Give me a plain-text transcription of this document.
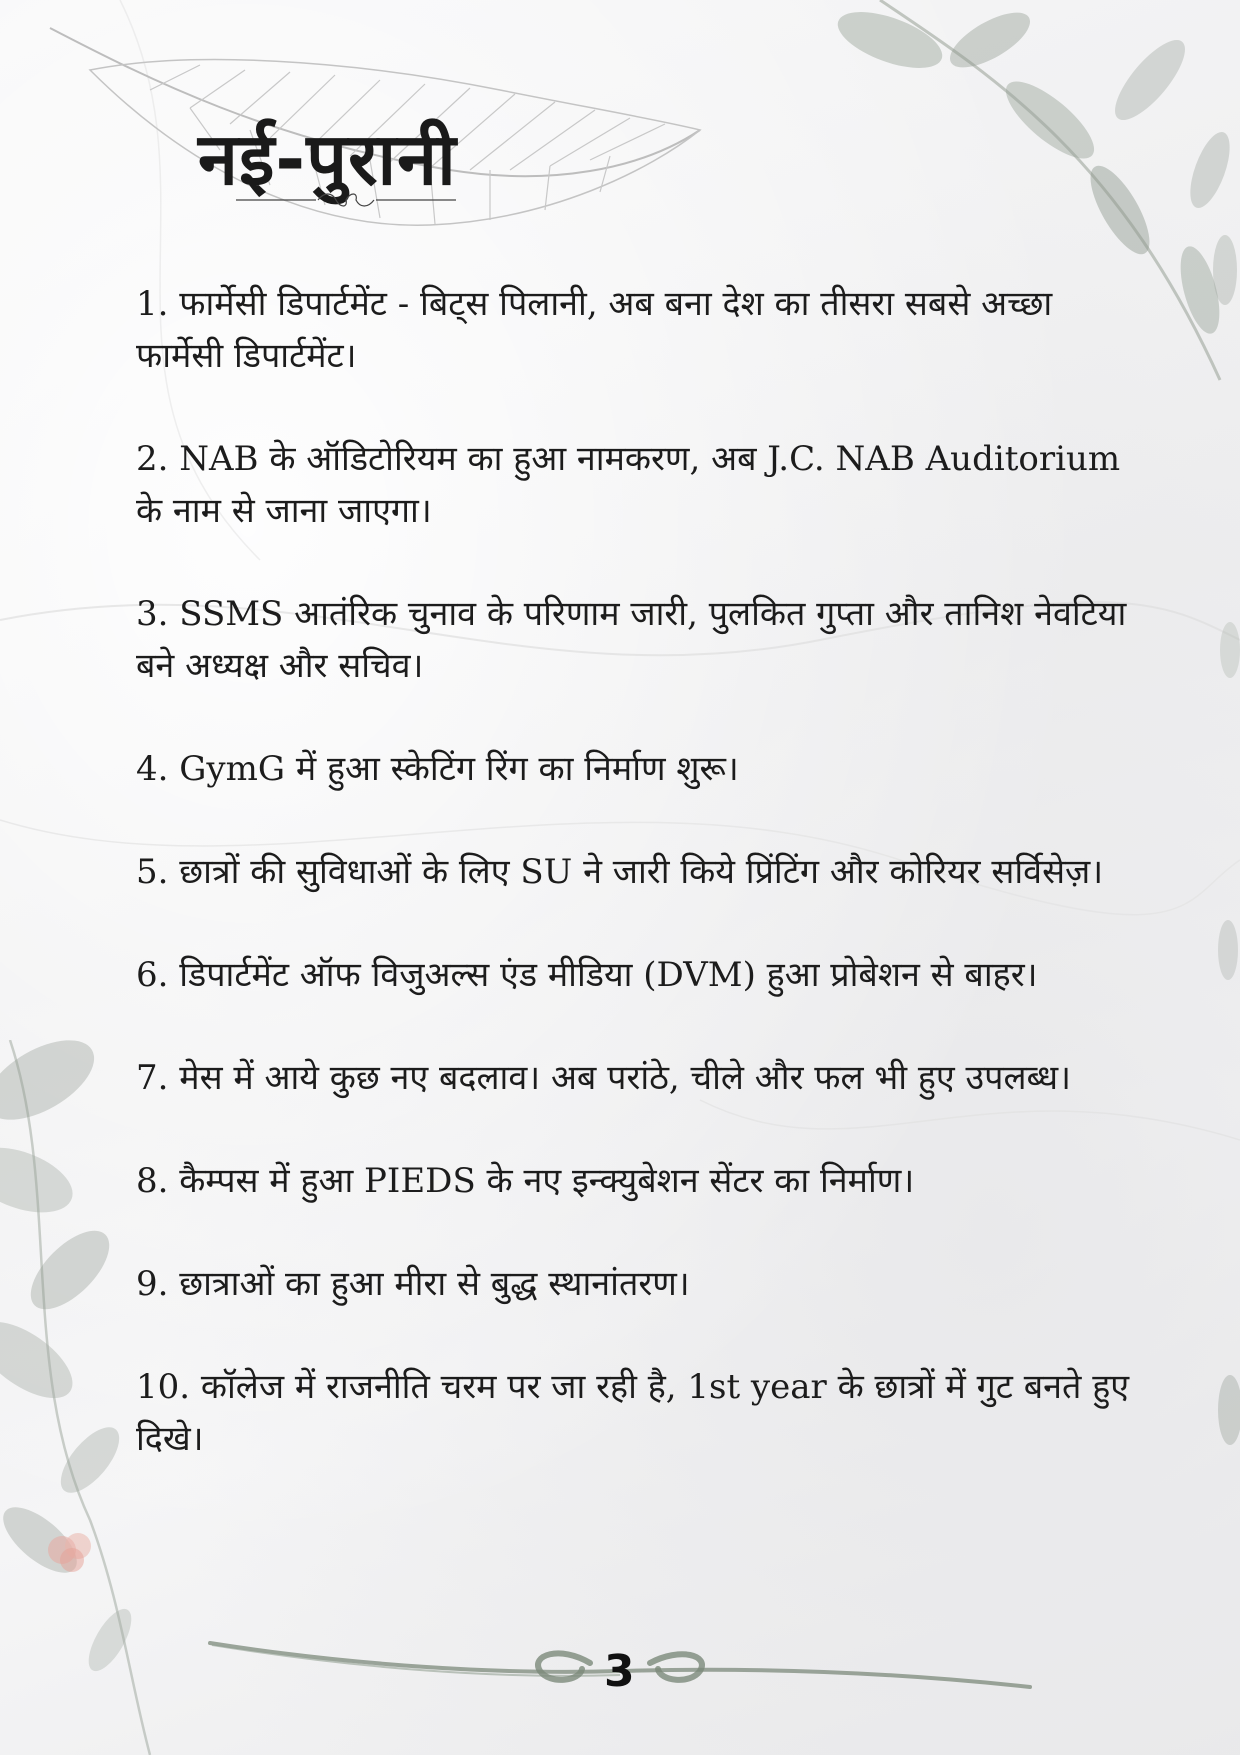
नई-पुरानी
1. फार्मेसी डिपार्टमेंट - बिट्स पिलानी, अब बना देश का तीसरा सबसे अच्छा फार्मेसी डिपार्टमेंट।
2. NAB के ऑडिटोरियम का हुआ नामकरण, अब J.C. NAB Auditorium के नाम से जाना जाएगा।
3. SSMS आतंरिक चुनाव के परिणाम जारी, पुलकित गुप्ता और तानिश नेवटिया बने अध्यक्ष और सचिव।
4. GymG में हुआ स्केटिंग रिंग का निर्माण शुरू।
5. छात्रों की सुविधाओं के लिए SU ने जारी किये प्रिंटिंग और कोरियर सर्विसेज़।
6. डिपार्टमेंट ऑफ विजुअल्स एंड मीडिया (DVM) हुआ प्रोबेशन से बाहर।
7. मेस में आये कुछ नए बदलाव। अब परांठे, चीले और फल भी हुए उपलब्ध।
8. कैम्पस में हुआ PIEDS के नए इन्क्युबेशन सेंटर का निर्माण।
9. छात्राओं का हुआ मीरा से बुद्ध स्थानांतरण।
10. कॉलेज में राजनीति चरम पर जा रही है, 1st year के छात्रों में गुट बनते हुए दिखे।
3
